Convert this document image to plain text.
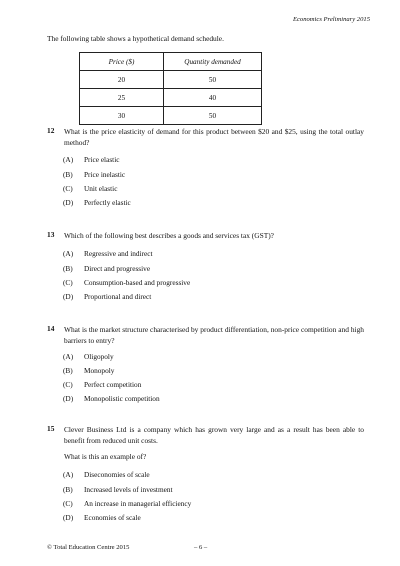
Economics Preliminary 2015
The following table shows a hypothetical demand schedule.
Price ($)	Quantity demanded
20	50
25	40
30	50
12 What is the price elasticity of demand for this product between $20 and $25, using the total outlay method?
(A) Price elastic
(B) Price inelastic
(C) Unit elastic
(D) Perfectly elastic
13 Which of the following best describes a goods and services tax (GST)?
(A) Regressive and indirect
(B) Direct and progressive
(C) Consumption-based and progressive
(D) Proportional and direct
14 What is the market structure characterised by product differentiation, non-price competition and high barriers to entry?
(A) Oligopoly
(B) Monopoly
(C) Perfect competition
(D) Monopolistic competition
15 Clever Business Ltd is a company which has grown very large and as a result has been able to benefit from reduced unit costs.
What is this an example of?
(A) Diseconomies of scale
(B) Increased levels of investment
(C) An increase in managerial efficiency
(D) Economies of scale
© Total Education Centre 2015	– 6 –
